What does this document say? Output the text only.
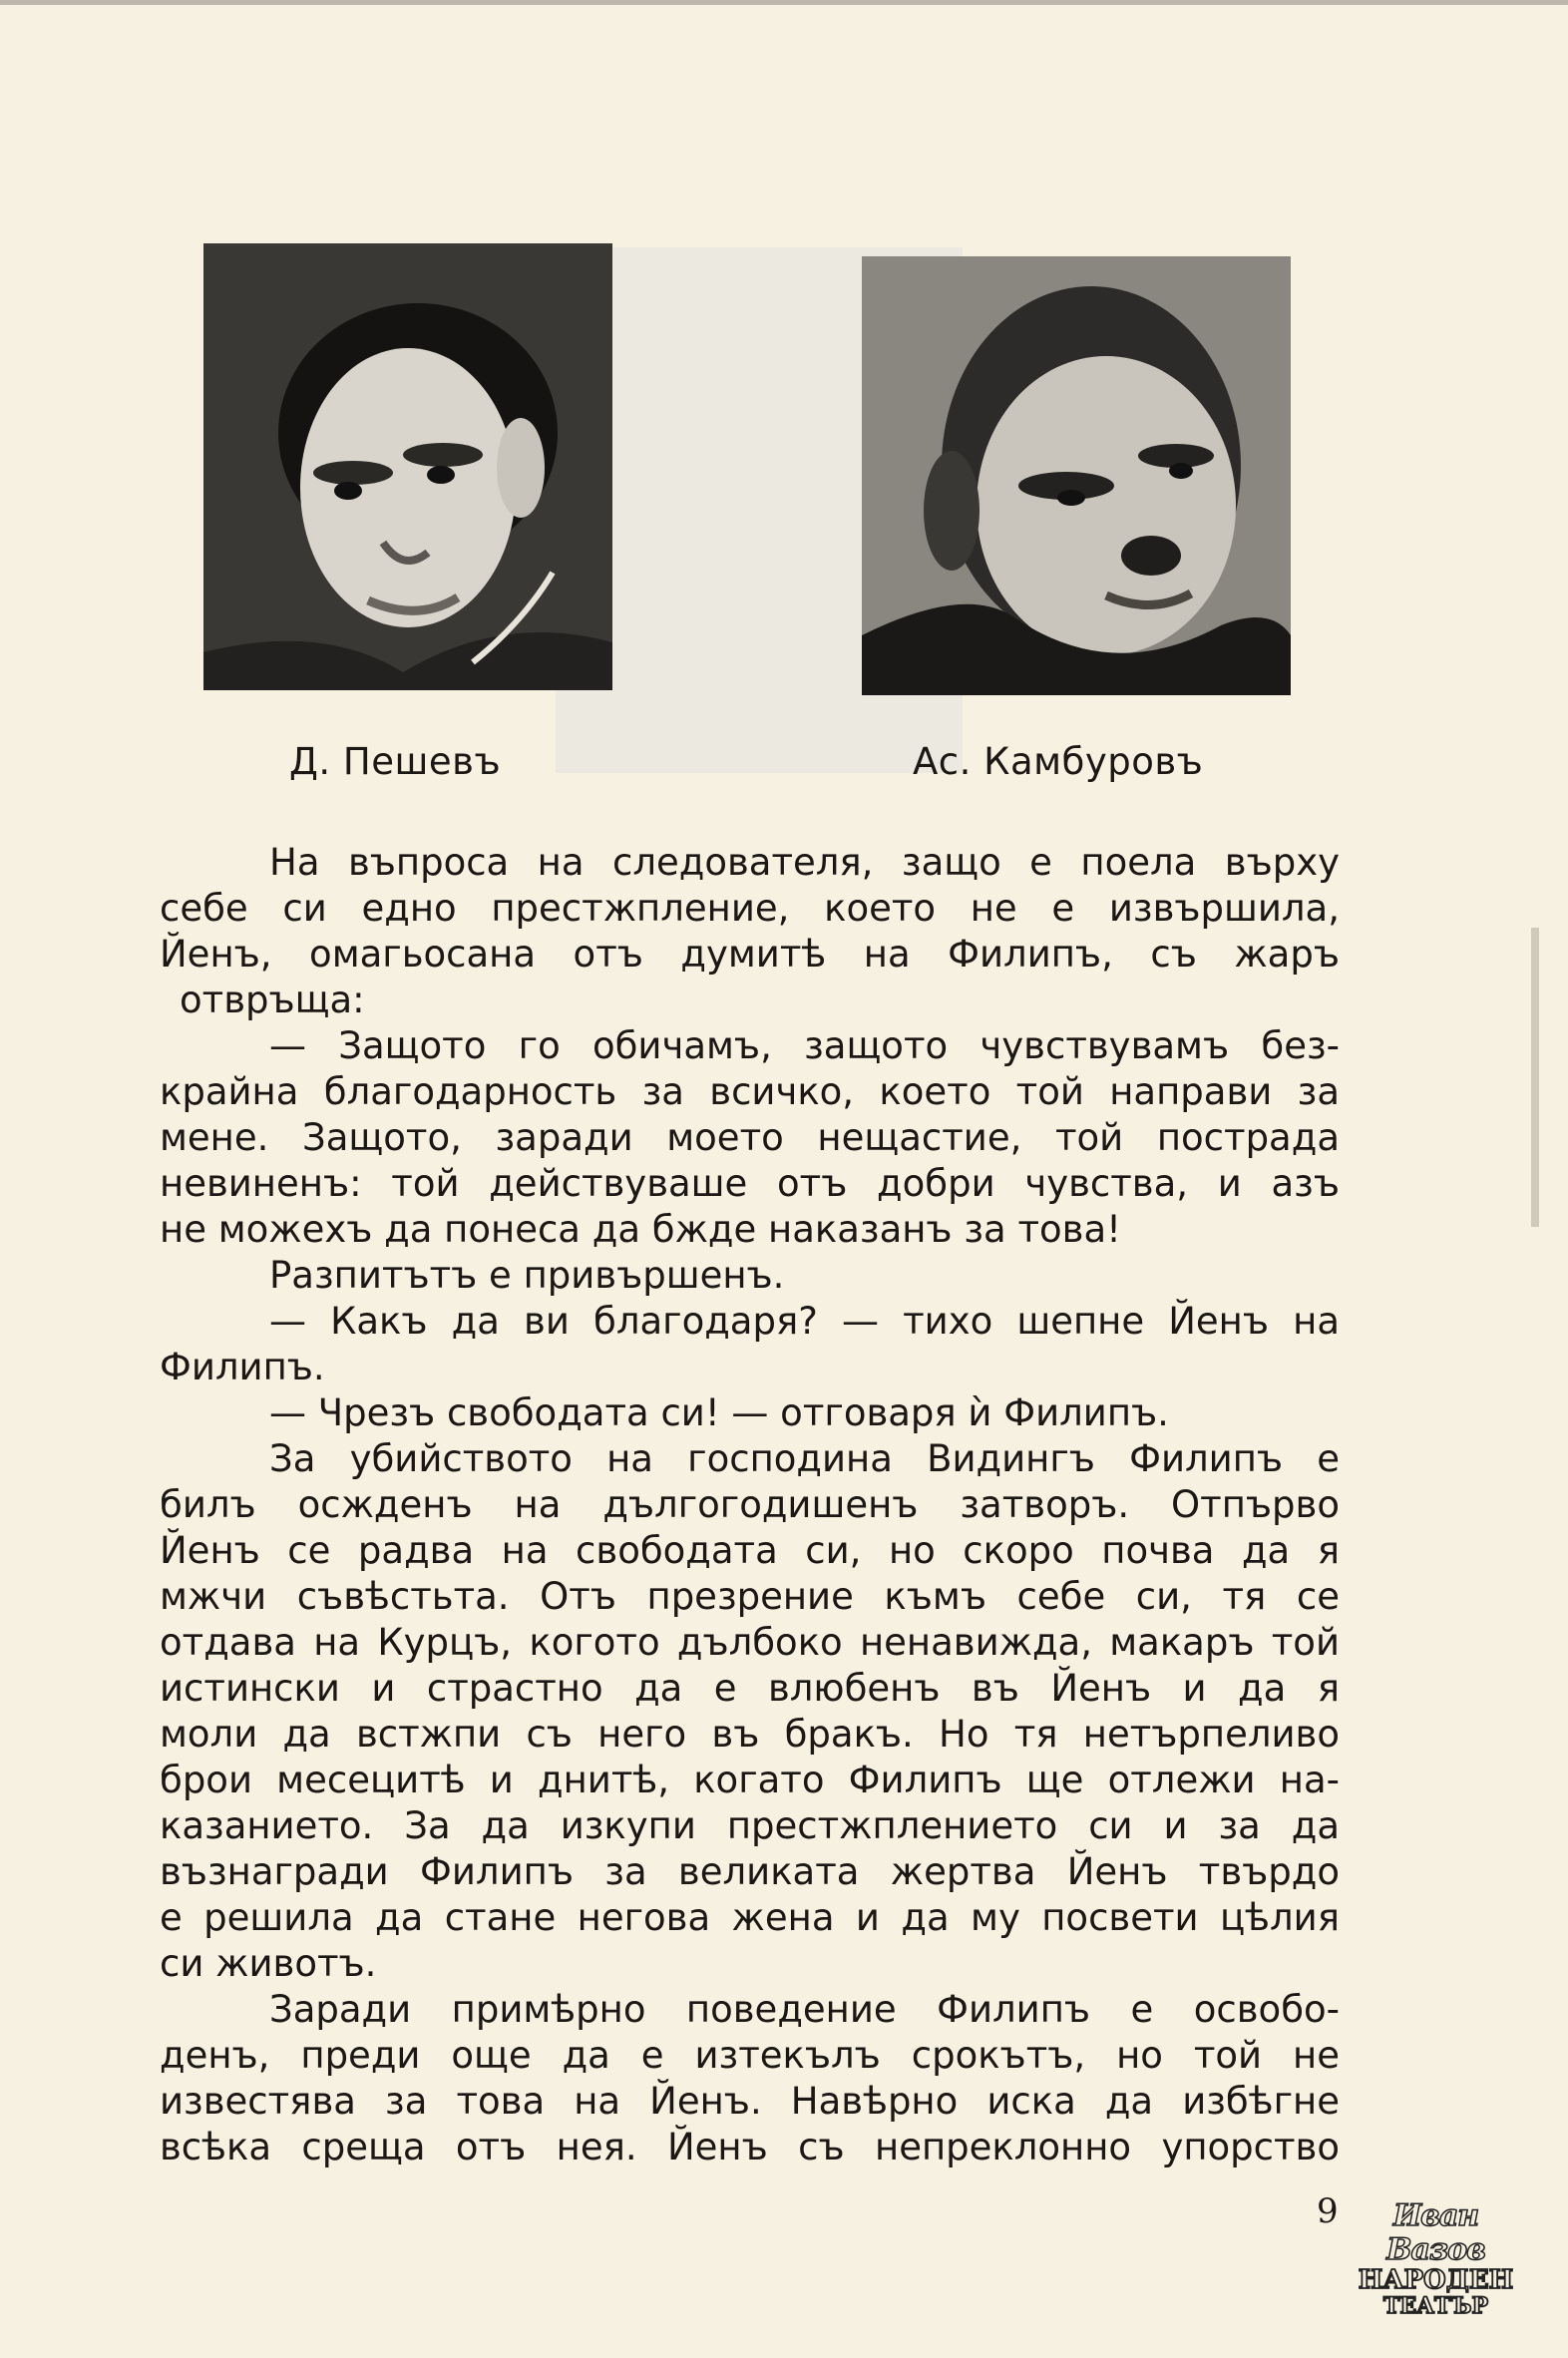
Д. Пешевъ	Ас. Камбуровъ
На въпроса на следователя, защо е поела върху
себе си едно престжпление, което не е извършила,
Йенъ, омагьосана отъ думитѣ на Филипъ, съ жаръ
отвръща:
— Защото го обичамъ, защото чувствувамъ без-
крайна благодарность за всичко, което той направи за
мене. Защото, заради моето нещастие, той пострада
невиненъ: той действуваше отъ добри чувства, и азъ
не можехъ да понеса да бжде наказанъ за това!
Разпитътъ е привършенъ.
— Какъ да ви благодаря? — тихо шепне Йенъ на
Филипъ.
— Чрезъ свободата си! — отговаря ѝ Филипъ.
За убийството на господина Видингъ Филипъ е
билъ осжденъ на дългогодишенъ затворъ. Отпърво
Йенъ се радва на свободата си, но скоро почва да я
мжчи съвѣстьта. Отъ презрение къмъ себе си, тя се
отдава на Курцъ, когото дълбоко ненавижда, макаръ той
истински и страстно да е влюбенъ въ Йенъ и да я
моли да встжпи съ него въ бракъ. Но тя нетърпеливо
брои месецитѣ и днитѣ, когато Филипъ ще отлежи на-
казанието. За да изкупи престжплението си и за да
възнагради Филипъ за великата жертва Йенъ твърдо
е решила да стане негова жена и да му посвети цѣлия
си животъ.
Заради примѣрно поведение Филипъ е освобо-
денъ, преди още да е изтекълъ срокътъ, но той не
известява за това на Йенъ. Навѣрно иска да избѣгне
всѣка среща отъ нея. Йенъ съ непреклонно упорство
9	Иван Вазов
НАРОДЕН
ТЕАТЪР
